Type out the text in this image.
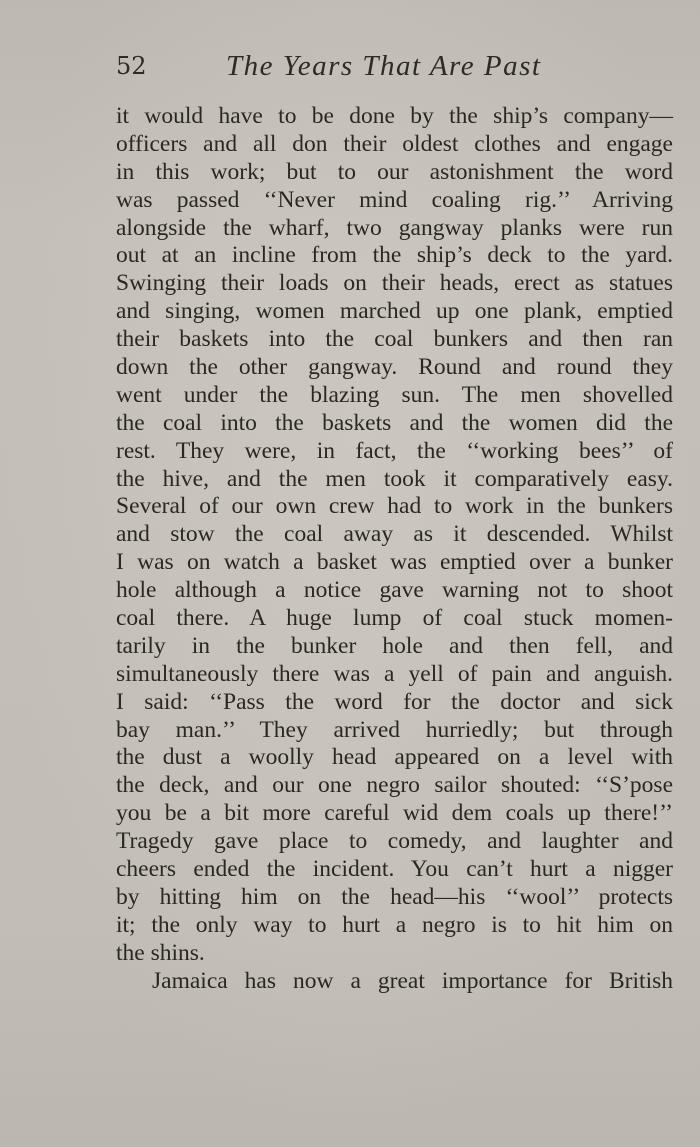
52	The Years That Are Past
it would have to be done by the ship’s company—
officers and all don their oldest clothes and engage
in this work; but to our astonishment the word
was passed ‘‘Never mind coaling rig.’’ Arriving
alongside the wharf, two gangway planks were run
out at an incline from the ship’s deck to the yard.
Swinging their loads on their heads, erect as statues
and singing, women marched up one plank, emptied
their baskets into the coal bunkers and then ran
down the other gangway. Round and round they
went under the blazing sun. The men shovelled
the coal into the baskets and the women did the
rest. They were, in fact, the ‘‘working bees’’ of
the hive, and the men took it comparatively easy.
Several of our own crew had to work in the bunkers
and stow the coal away as it descended. Whilst
I was on watch a basket was emptied over a bunker
hole although a notice gave warning not to shoot
coal there. A huge lump of coal stuck momen-
tarily in the bunker hole and then fell, and
simultaneously there was a yell of pain and anguish.
I said: ‘‘Pass the word for the doctor and sick
bay man.’’ They arrived hurriedly; but through
the dust a woolly head appeared on a level with
the deck, and our one negro sailor shouted: ‘‘S’pose
you be a bit more careful wid dem coals up there!’’
Tragedy gave place to comedy, and laughter and
cheers ended the incident. You can’t hurt a nigger
by hitting him on the head—his ‘‘wool’’ protects
it; the only way to hurt a negro is to hit him on
the shins.
Jamaica has now a great importance for British
